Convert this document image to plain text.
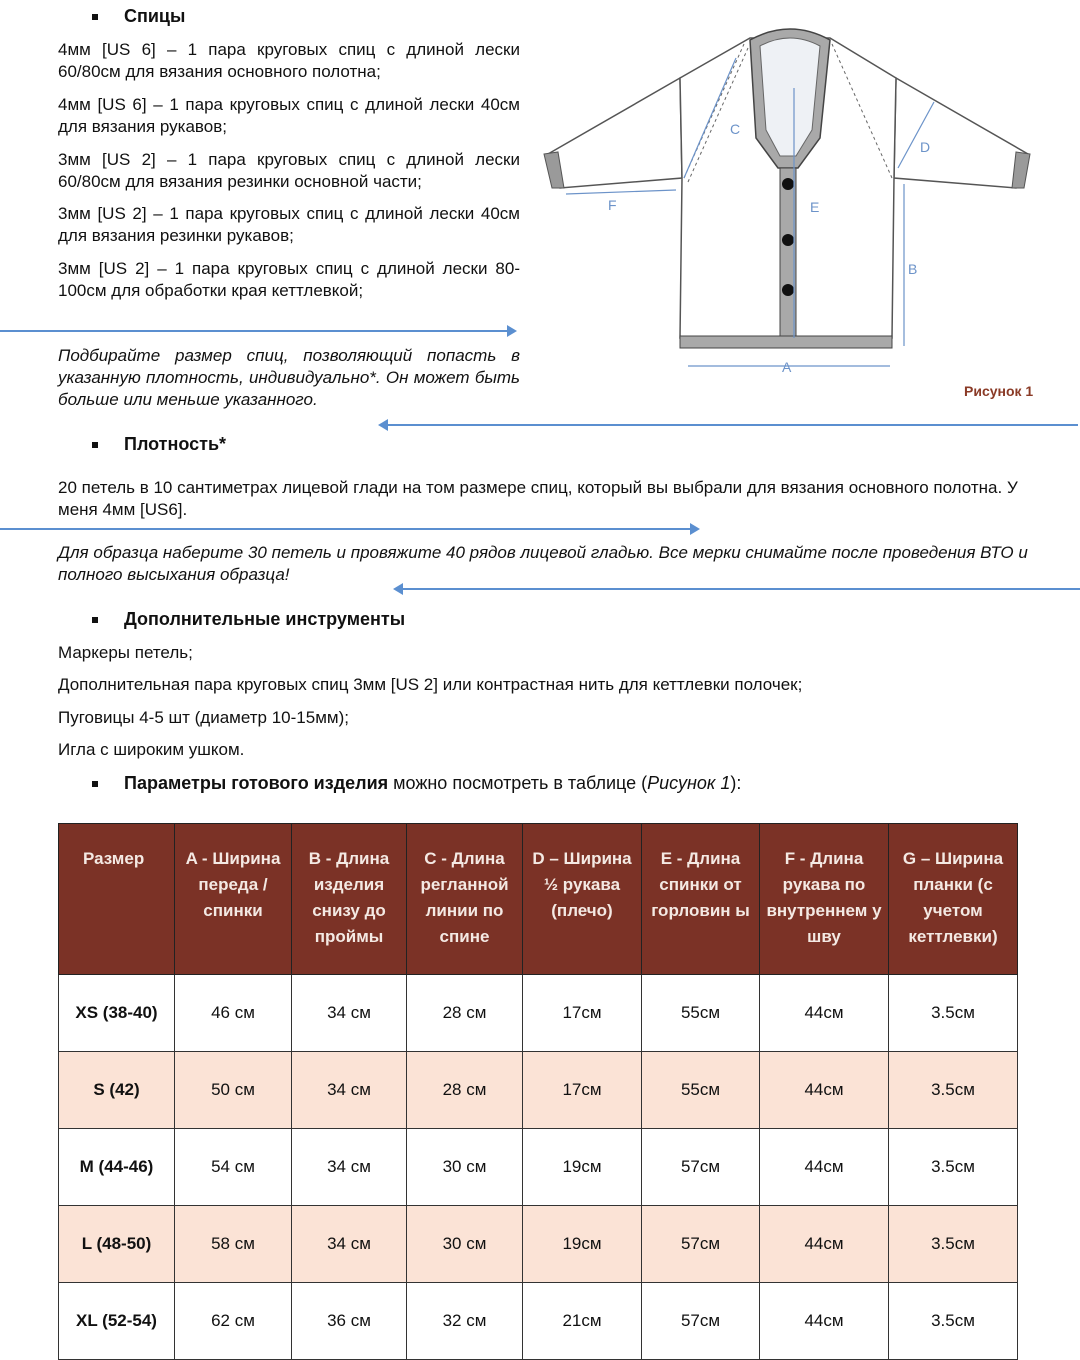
Спицы
4мм [US 6] – 1 пара круговых спиц с длиной лески 60/80см для вязания основного полотна;
4мм [US 6] – 1 пара круговых спиц с длиной лески 40см для вязания рукавов;
3мм [US 2] – 1 пара круговых спиц с длиной лески 60/80см для вязания резинки основной части;
3мм [US 2] – 1 пара круговых спиц с длиной лески 40см для вязания резинки рукавов;
3мм [US 2] – 1 пара круговых спиц с длиной лески 80-100см для обработки края кеттлевкой;
Подбирайте размер спиц, позволяющий попасть в указанную плотность, индивидуально*. Он может быть больше или меньше указанного.
A
B
C
D
E
F
Рисунок 1
Плотность*
20 петель в 10 сантиметрах лицевой глади на том размере спиц, который вы выбрали для вязания основного полотна. У меня 4мм [US6].
Для образца наберите 30 петель и провяжите 40 рядов лицевой гладью. Все мерки снимайте после проведения ВТО и полного высыхания образца!
Дополнительные инструменты
Маркеры петель;
Дополнительная пара круговых спиц 3мм [US 2] или контрастная нить для кеттлевки полочек;
Пуговицы 4-5 шт (диаметр 10-15мм);
Игла с широким ушком.
Параметры готового изделия можно посмотреть в таблице (Рисунок 1):
Размер	A - Ширина переда /спинки	B - Длина изделия снизу до проймы	C - Длина регланной линии по спине	D – Ширина ½ рукава (плечо)	E - Длина спинки от горловин ы	F - Длина рукава по внутреннем у шву	G – Ширина планки (с учетом кеттлевки)
XS (38-40)	46 см	34 см	28 см	17см	55см	44см	3.5см
S (42)	50 см	34 см	28 см	17см	55см	44см	3.5см
M (44-46)	54 см	34 см	30 см	19см	57см	44см	3.5см
L (48-50)	58 см	34 см	30 см	19см	57см	44см	3.5см
XL (52-54)	62 см	36 см	32 см	21см	57см	44см	3.5см
